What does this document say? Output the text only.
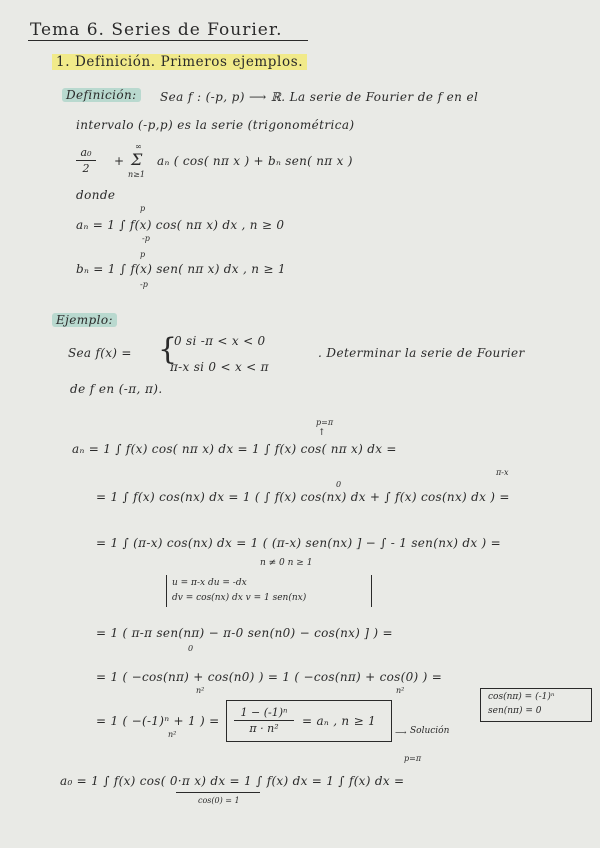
Tema 6. Series de Fourier.
1. Definición. Primeros ejemplos.
Definición:	Sea f : (-p, p) ⟶ ℝ. La serie de Fourier de f en el
intervalo (-p,p) es la serie (trigonométrica)
a₀
2
+
∞
Σ
n≥1
aₙ ( cos( nπ x ) + bₙ sen( nπ x )
donde
aₙ = 1 ∫ f(x) cos( nπ x) dx , n ≥ 0
p
-p
bₙ = 1 ∫ f(x) sen( nπ x) dx , n ≥ 1
p
-p
Ejemplo:
Sea f(x) = {
0 si -π < x < 0
π-x si 0 < x < π
. Determinar la serie de Fourier
de f en (-π, π).
p=π
↑
aₙ = 1 ∫ f(x) cos( nπ x) dx = 1 ∫ f(x) cos( nπ x) dx =
π-x
0
= 1 ∫ f(x) cos(nx) dx = 1 ( ∫ f(x) cos(nx) dx + ∫ f(x) cos(nx) dx ) =
= 1 ∫ (π-x) cos(nx) dx = 1 ( (π-x) sen(nx) ] − ∫ - 1 sen(nx) dx ) =
n ≠ 0 n ≥ 1
u = π-x du = -dx
dv = cos(nx) dx v = 1 sen(nx)
= 1 ( π-π sen(nπ) − π-0 sen(n0) − cos(nx) ] ) =
0
= 1 ( −cos(nπ) + cos(n0) ) = 1 ( −cos(nπ) + cos(0) ) =
n²	n²
cos(nπ) = (-1)ⁿ
sen(nπ) = 0
= 1 ( −(-1)ⁿ + 1 ) =
n²
1 − (-1)ⁿ
π · n²
= aₙ , n ≥ 1
⟶ Solución
p=π
a₀ = 1 ∫ f(x) cos( 0·π x) dx = 1 ∫ f(x) dx = 1 ∫ f(x) dx =
cos(0) = 1
